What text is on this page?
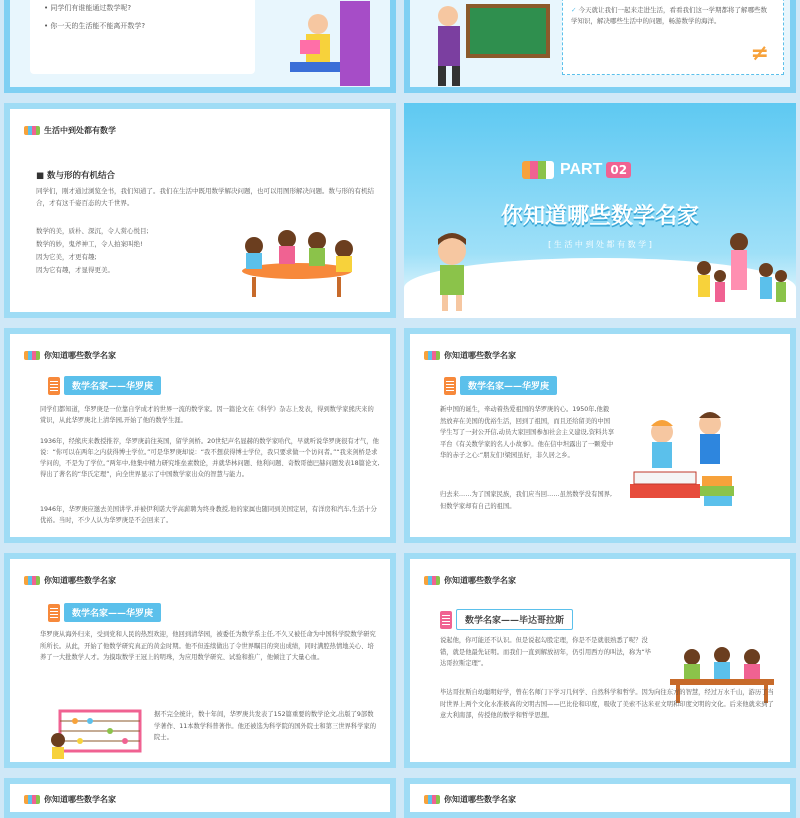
• 同学们有谁能通过数学呢?
• 你一天的生活能不能离开数学?
✓ 今天就让我们一起来走进生活，看看我们这一学期都将了解哪些数学知识，解决哪些生活中的问题，畅游数学的海洋。
≠
生活中到处都有数学
■ 数与形的有机结合
同学们，刚才通过浏览全书，我们知道了。我们在生活中既用数学解决问题，也可以用图形解决问题。数与形的有机结合，才有这千姿百态的大千世界。
数学的美，质朴、深沉，令人赏心悦目;
数学的妙，鬼斧神工，令人拍案叫绝!
因为它美，才更有趣;
因为它有趣，才显得更美。
PART 02
你知道哪些数学名家
[ 生 活 中 到 处 都 有 数 学 ]
你知道哪些数学名家
数学名家——华罗庚
同学们都知道，华罗庚是一位靠自学成才的世界一流的数学家。因一篇论文在《科学》杂志上发表，得到数学家熊庆来的赏识，从此华罗庚北上清华园,开始了他的数学生涯。
1936年，经熊庆来教授推荐，华罗庚前往英国，留学剑桥。20世纪声名显赫的数学家哈代，早就听说华罗庚很有才气，他说：“你可以在两年之内获得博士学位。”可是华罗庚却说：“我不想获得博士学位，我只要求做一个访问者。”“我来剑桥是求学问的，不是为了学位。”两年中,他集中精力研究堆垒素数论，并就华林问题、他利问题、奇数哥德巴赫问题发表18篇论文,得出了著名的“华氏定理”，向全世界显示了中国数学家出众的智慧与能力。
1946年，华罗庚应邀去美国讲学,并被伊利诺大学高薪聘为终身教授,他的家属也随同到美国定居，有洋房和汽车,生活十分优裕。当时，不少人认为华罗庚是不会回来了。
你知道哪些数学名家
数学名家——华罗庚
新中国的诞生，牵动着热爱祖国的华罗庚的心。1950年,他毅然放弃在美国的优裕生活，回到了祖国，而且还给留美的中国学生写了一封公开信,动员大家回国参加社会主义建设,资料共享平台《有关数学家的名人小故事》。他在信中坦露出了一颗爱中华的赤子之心:“朋友们!梁园虽好，非久居之乡。
归去来……为了国家民族，我们应当回……虽然数学没有国界,但数学家却有自己的祖国。
你知道哪些数学名家
数学名家——华罗庚
华罗庚从海外归来，受到党和人民的热烈欢迎，他回到清华园，被委任为数学系主任,不久又被任命为中国科学院数学研究所所长。从此，开始了他数学研究真正的黄金时期。他不但连续做出了令世界瞩目的突出成绩，同时满腔热情地关心、培养了一大批数学人才。为摸取数学王冠上的明珠，为应用数学研究、试验和推广，他倾注了大量心血。
据不完全统计，数十年间，华罗庚共发表了152篇重要的数学论文,出版了9部数学著作、11本数学科普著作。他还被选为科学院的国外院士和第三世界科学家的院士。
你知道哪些数学名家
数学名家——毕达哥拉斯
说起他，你可能还不认识。但是说起勾股定理，你是不是就很熟悉了呢？没错，就是他最先证明。而我们一直到解放初年，仍引用西方的叫法，称为“毕达哥拉斯定理”。
毕达哥拉斯自幼聪明好学，曾在名师门下学习几何学、自然科学和哲学。因为向往东方的智慧，经过万水千山，游历了当时世界上两个文化水准极高的文明古国——巴比伦和印度，吸收了美索不达米亚文明和印度文明的文化。后来他就来到了意大利南部，传授他的数学和哲学思想。
你知道哪些数学名家	你知道哪些数学名家
